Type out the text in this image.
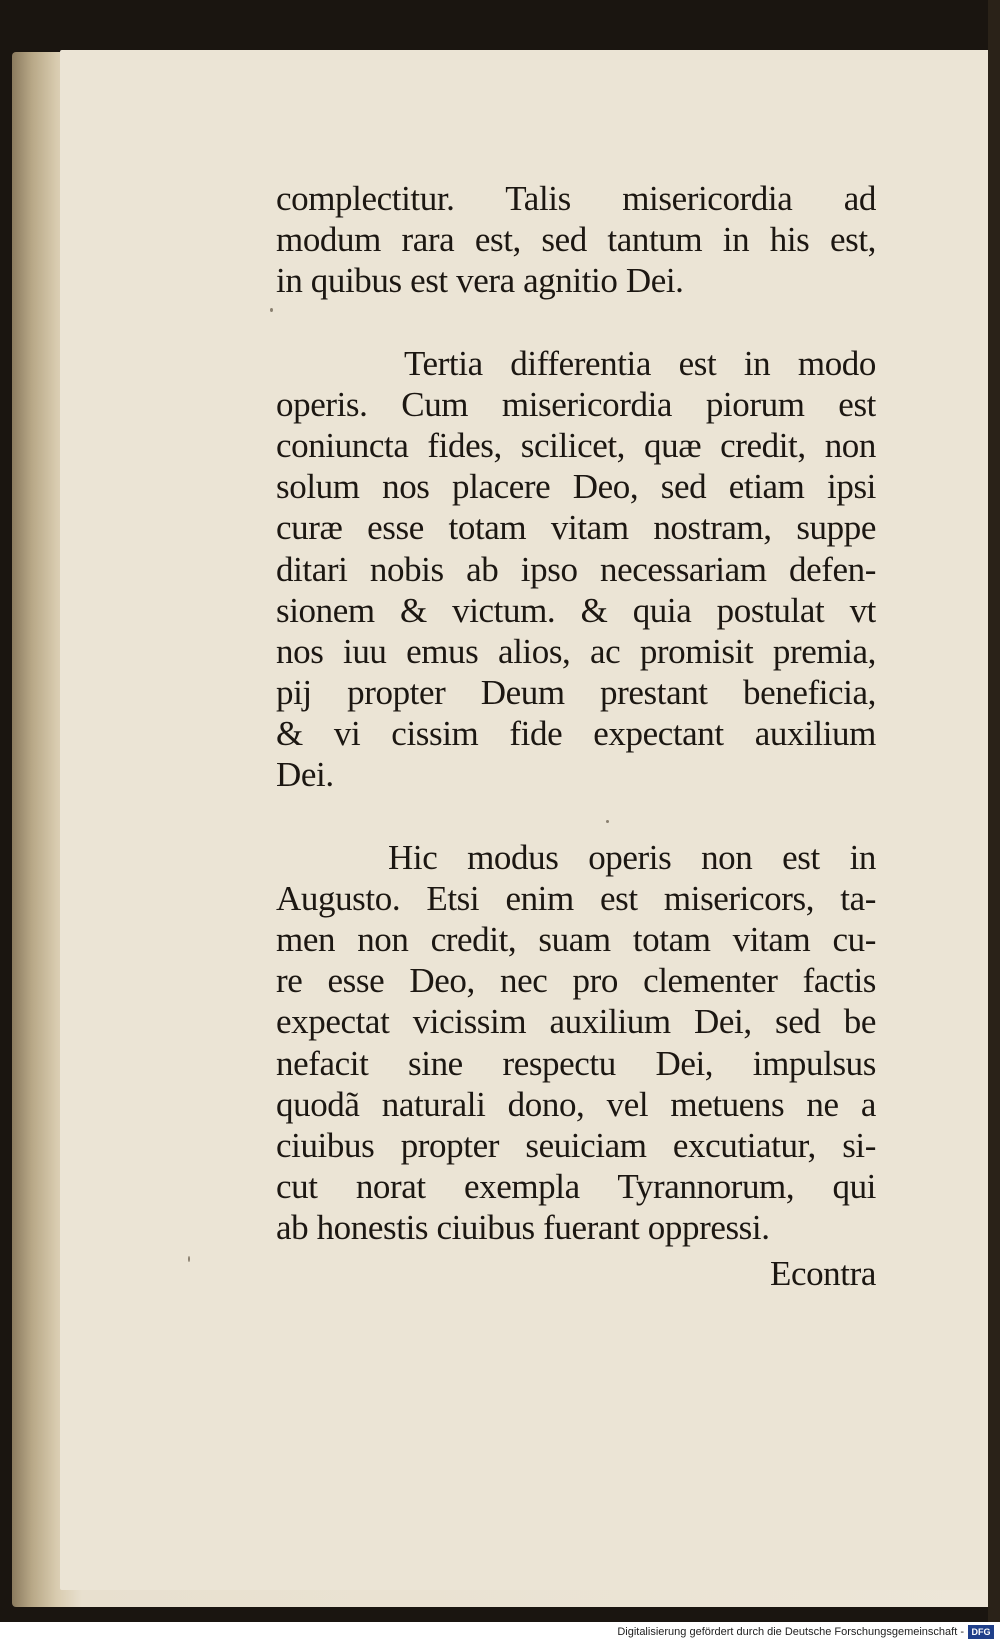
complectitur. Talis misericordia ad
modum rara est, sed tantum in his est,
in quibus est vera agnitio Dei.
Tertia differentia est in modo
operis. Cum misericordia piorum est
coniuncta fides, scilicet, quæ credit, non
solum nos placere Deo, sed etiam ipsi
curæ esse totam vitam nostram, suppe
ditari nobis ab ipso necessariam defen-
sionem & victum. & quia postulat vt
nos iuu emus alios, ac promisit premia,
pij propter Deum prestant beneficia,
& vi cissim fide expectant auxilium
Dei.
Hic modus operis non est in
Augusto. Etsi enim est misericors, ta-
men non credit, suam totam vitam cu-
re esse Deo, nec pro clementer factis
expectat vicissim auxilium Dei, sed be
nefacit sine respectu Dei, impulsus
quodã naturali dono, vel metuens ne a
ciuibus propter seuiciam excutiatur, si-
cut norat exempla Tyrannorum, qui
ab honestis ciuibus fuerant oppressi.
Econtra
Digitalisierung gefördert durch die Deutsche Forschungsgemeinschaft - DFG
